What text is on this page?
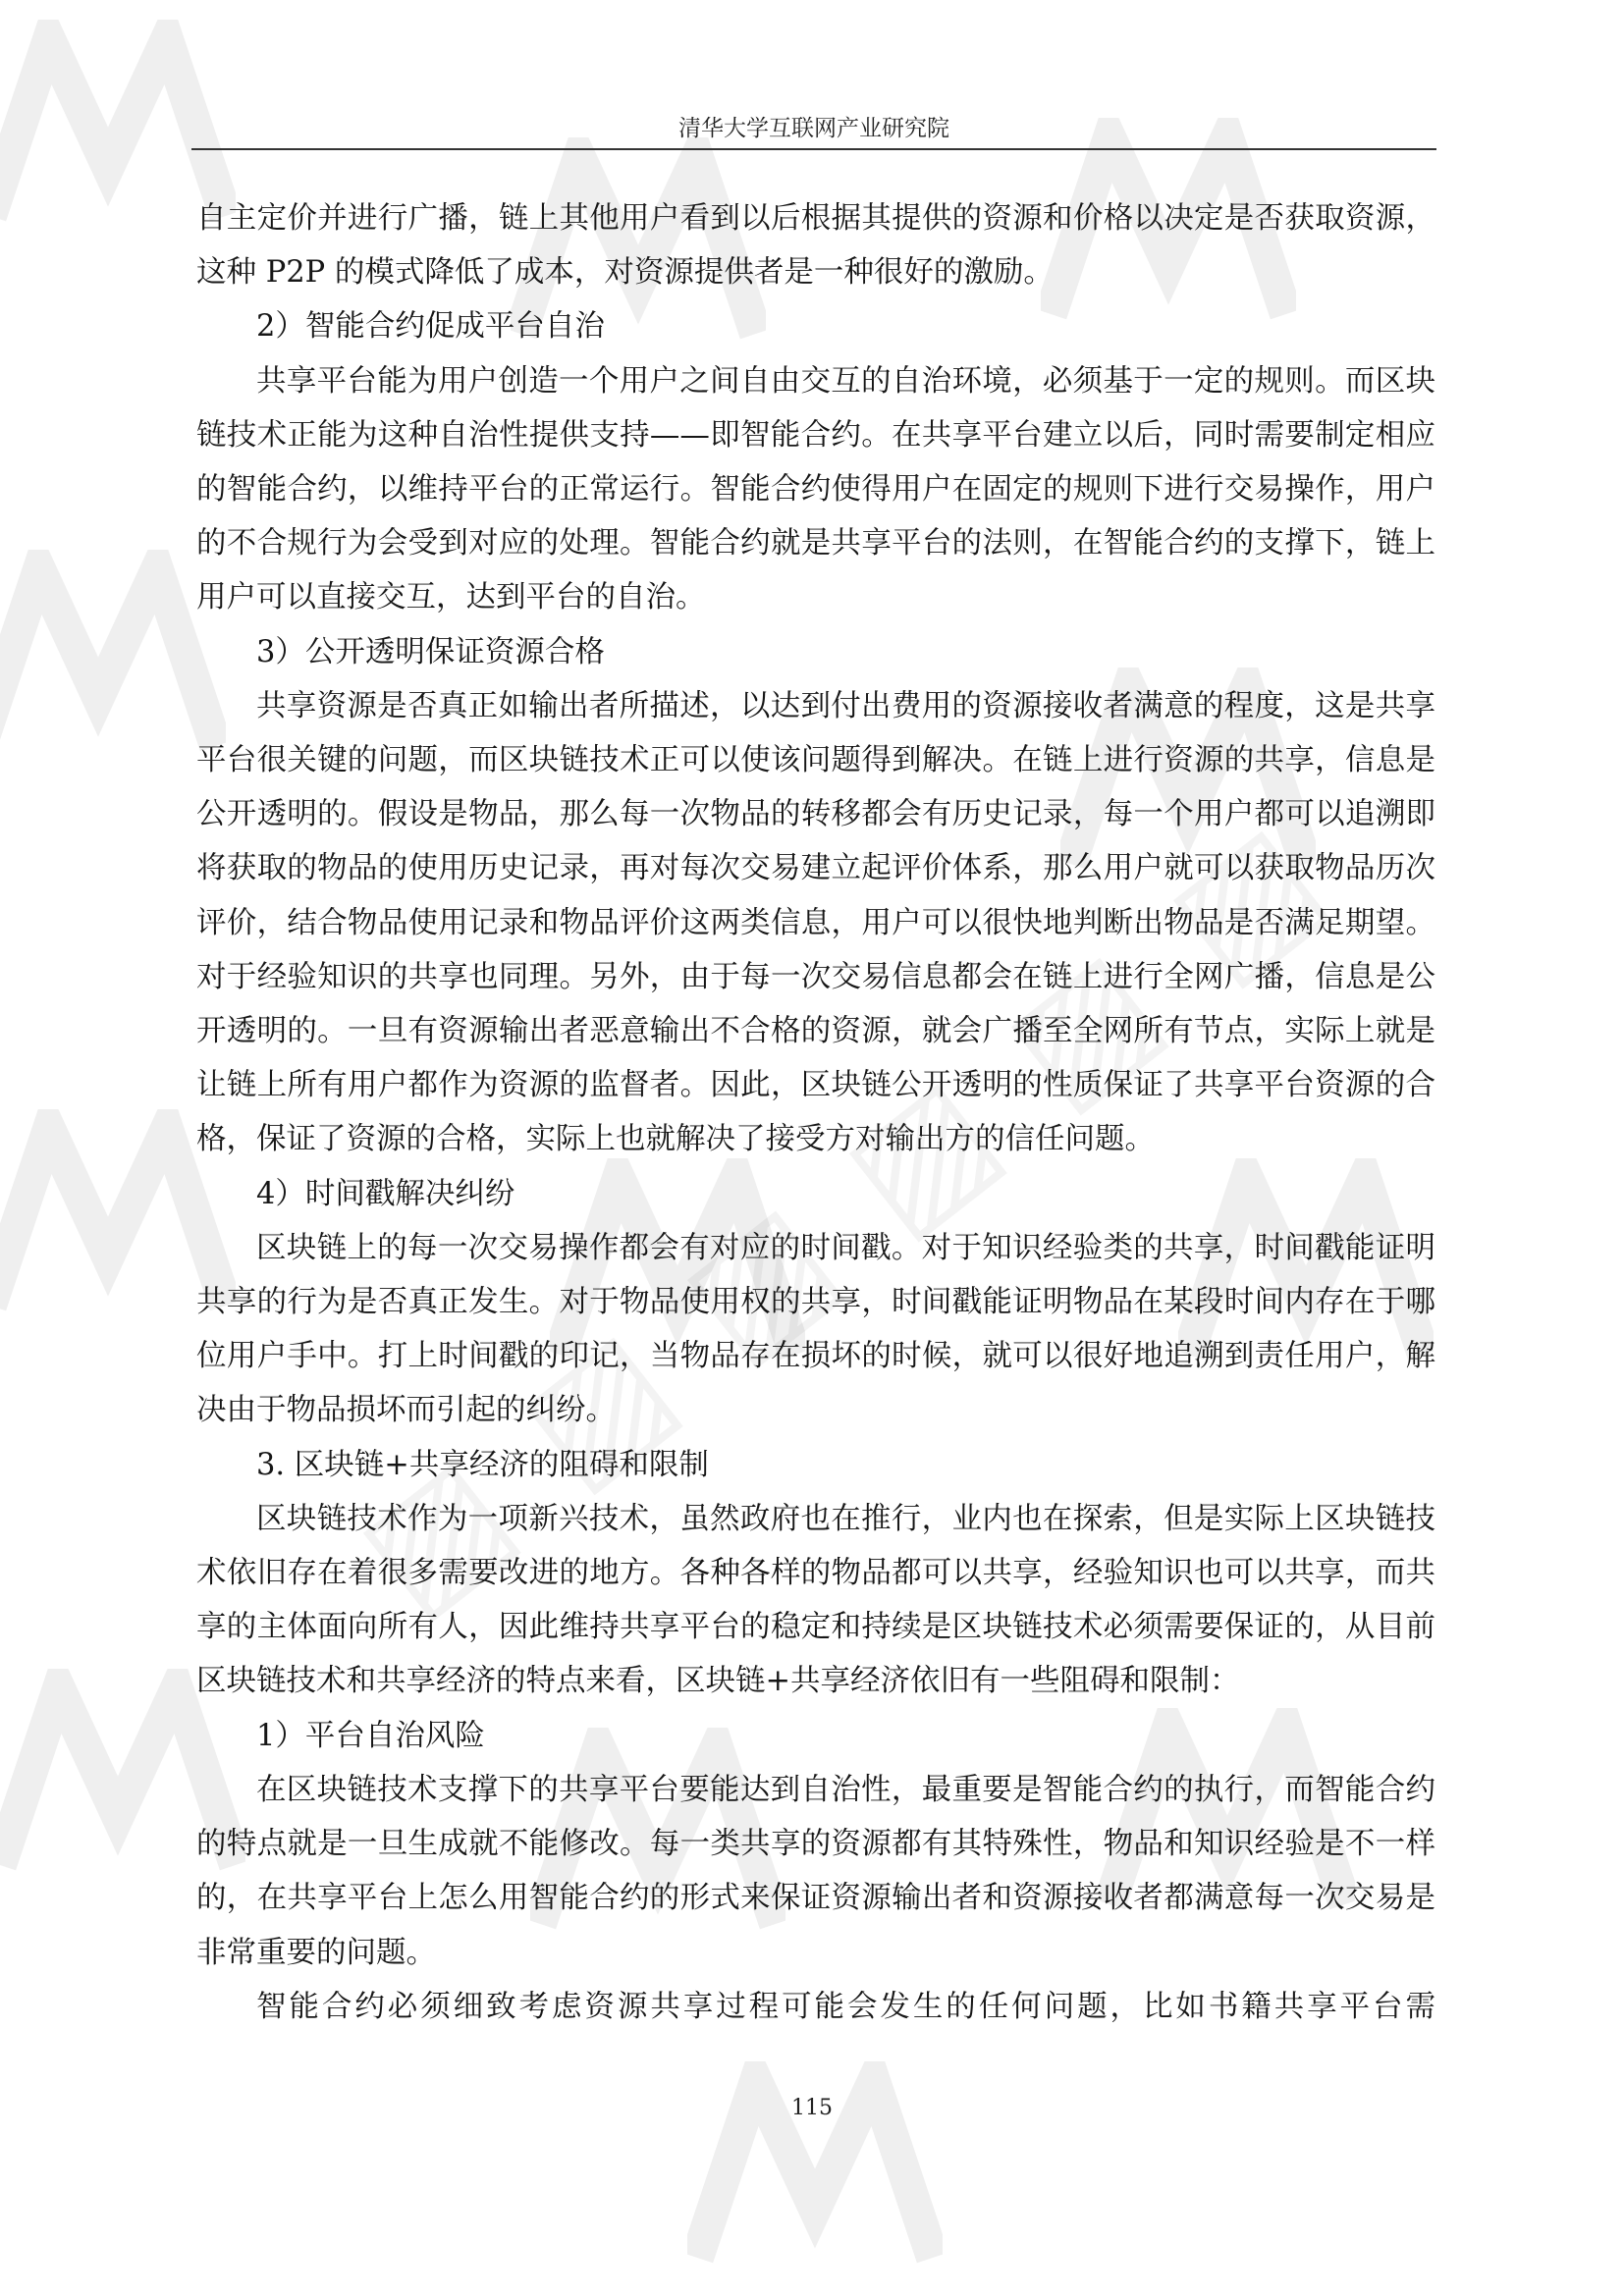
清华大学互联网产业研究院

自主定价并进行广播，链上其他用户看到以后根据其提供的资源和价格以决定是否获取资源，这种 P2P 的模式降低了成本，对资源提供者是一种很好的激励。

2）智能合约促成平台自治

共享平台能为用户创造一个用户之间自由交互的自治环境，必须基于一定的规则。而区块链技术正能为这种自治性提供支持——即智能合约。在共享平台建立以后，同时需要制定相应的智能合约，以维持平台的正常运行。智能合约使得用户在固定的规则下进行交易操作，用户的不合规行为会受到对应的处理。智能合约就是共享平台的法则，在智能合约的支撑下，链上用户可以直接交互，达到平台的自治。

3）公开透明保证资源合格

共享资源是否真正如输出者所描述，以达到付出费用的资源接收者满意的程度，这是共享平台很关键的问题，而区块链技术正可以使该问题得到解决。在链上进行资源的共享，信息是公开透明的。假设是物品，那么每一次物品的转移都会有历史记录，每一个用户都可以追溯即将获取的物品的使用历史记录，再对每次交易建立起评价体系，那么用户就可以获取物品历次评价，结合物品使用记录和物品评价这两类信息，用户可以很快地判断出物品是否满足期望。对于经验知识的共享也同理。另外，由于每一次交易信息都会在链上进行全网广播，信息是公开透明的。一旦有资源输出者恶意输出不合格的资源，就会广播至全网所有节点，实际上就是让链上所有用户都作为资源的监督者。因此，区块链公开透明的性质保证了共享平台资源的合格，保证了资源的合格，实际上也就解决了接受方对输出方的信任问题。

4）时间戳解决纠纷

区块链上的每一次交易操作都会有对应的时间戳。对于知识经验类的共享，时间戳能证明共享的行为是否真正发生。对于物品使用权的共享，时间戳能证明物品在某段时间内存在于哪位用户手中。打上时间戳的印记，当物品存在损坏的时候，就可以很好地追溯到责任用户，解决由于物品损坏而引起的纠纷。

3. 区块链+共享经济的阻碍和限制

区块链技术作为一项新兴技术，虽然政府也在推行，业内也在探索，但是实际上区块链技术依旧存在着很多需要改进的地方。各种各样的物品都可以共享，经验知识也可以共享，而共享的主体面向所有人，因此维持共享平台的稳定和持续是区块链技术必须需要保证的，从目前区块链技术和共享经济的特点来看，区块链+共享经济依旧有一些阻碍和限制：

1）平台自治风险

在区块链技术支撑下的共享平台要能达到自治性，最重要是智能合约的执行，而智能合约的特点就是一旦生成就不能修改。每一类共享的资源都有其特殊性，物品和知识经验是不一样的，在共享平台上怎么用智能合约的形式来保证资源输出者和资源接收者都满意每一次交易是非常重要的问题。

智能合约必须细致考虑资源共享过程可能会发生的任何问题，比如书籍共享平台需

115
